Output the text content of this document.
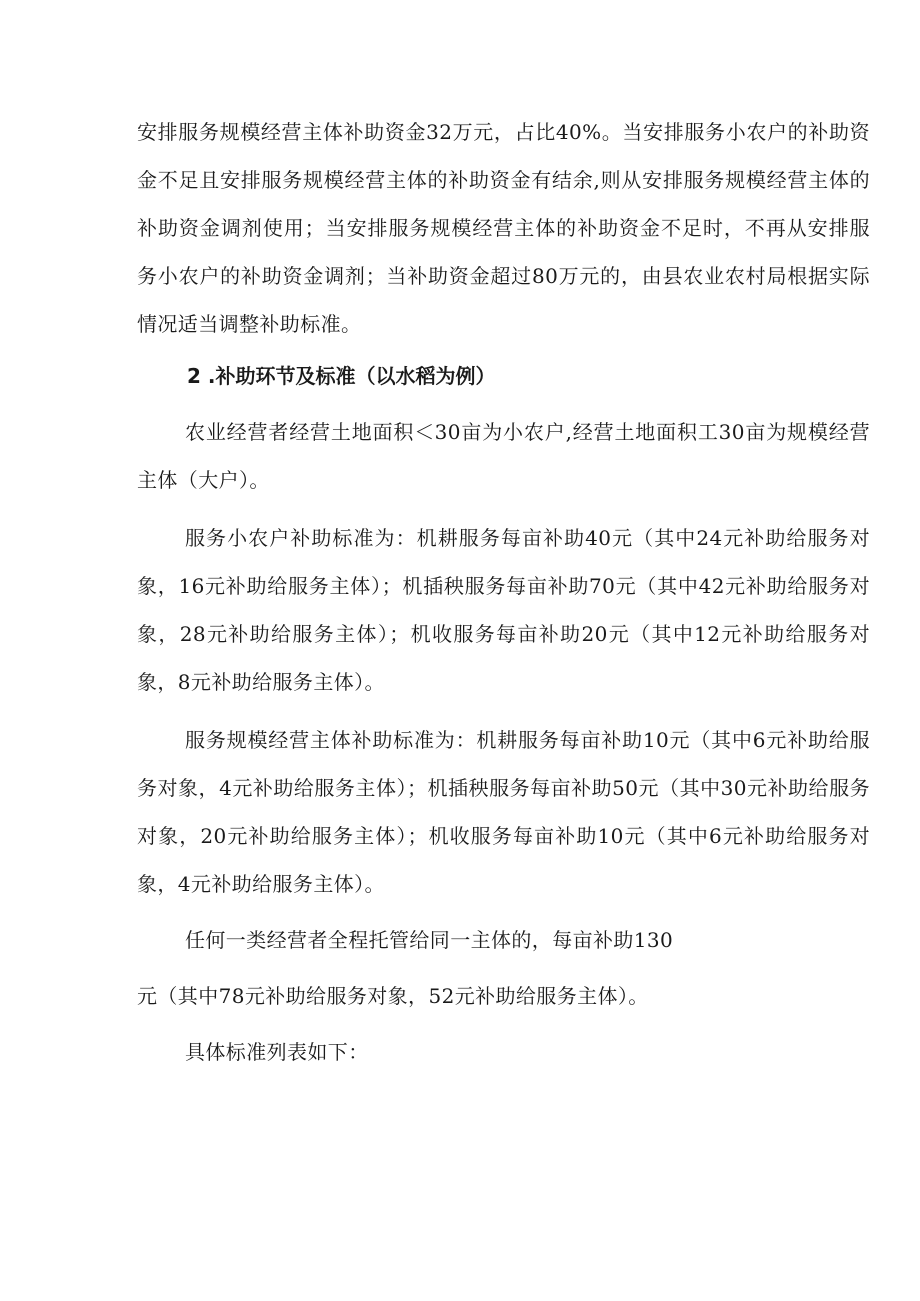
安排服务规模经营主体补助资金32万元，占比40%。当安排服务小农户的补助资金不足且安排服务规模经营主体的补助资金有结余,则从安排服务规模经营主体的补助资金调剂使用；当安排服务规模经营主体的补助资金不足时，不再从安排服务小农户的补助资金调剂；当补助资金超过80万元的，由县农业农村局根据实际情况适当调整补助标准。

2 .补助环节及标准（以水稻为例）

农业经营者经营土地面积＜30亩为小农户,经营土地面积工30亩为规模经营主体（大户）。

服务小农户补助标准为：机耕服务每亩补助40元（其中24元补助给服务对象，16元补助给服务主体）；机插秧服务每亩补助70元（其中42元补助给服务对象，28元补助给服务主体）；机收服务每亩补助20元（其中12元补助给服务对象，8元补助给服务主体）。

服务规模经营主体补助标准为：机耕服务每亩补助10元（其中6元补助给服务对象，4元补助给服务主体）；机插秧服务每亩补助50元（其中30元补助给服务对象，20元补助给服务主体）；机收服务每亩补助10元（其中6元补助给服务对象，4元补助给服务主体）。

任何一类经营者全程托管给同一主体的，每亩补助130

元（其中78元补助给服务对象，52元补助给服务主体）。

具体标准列表如下：
